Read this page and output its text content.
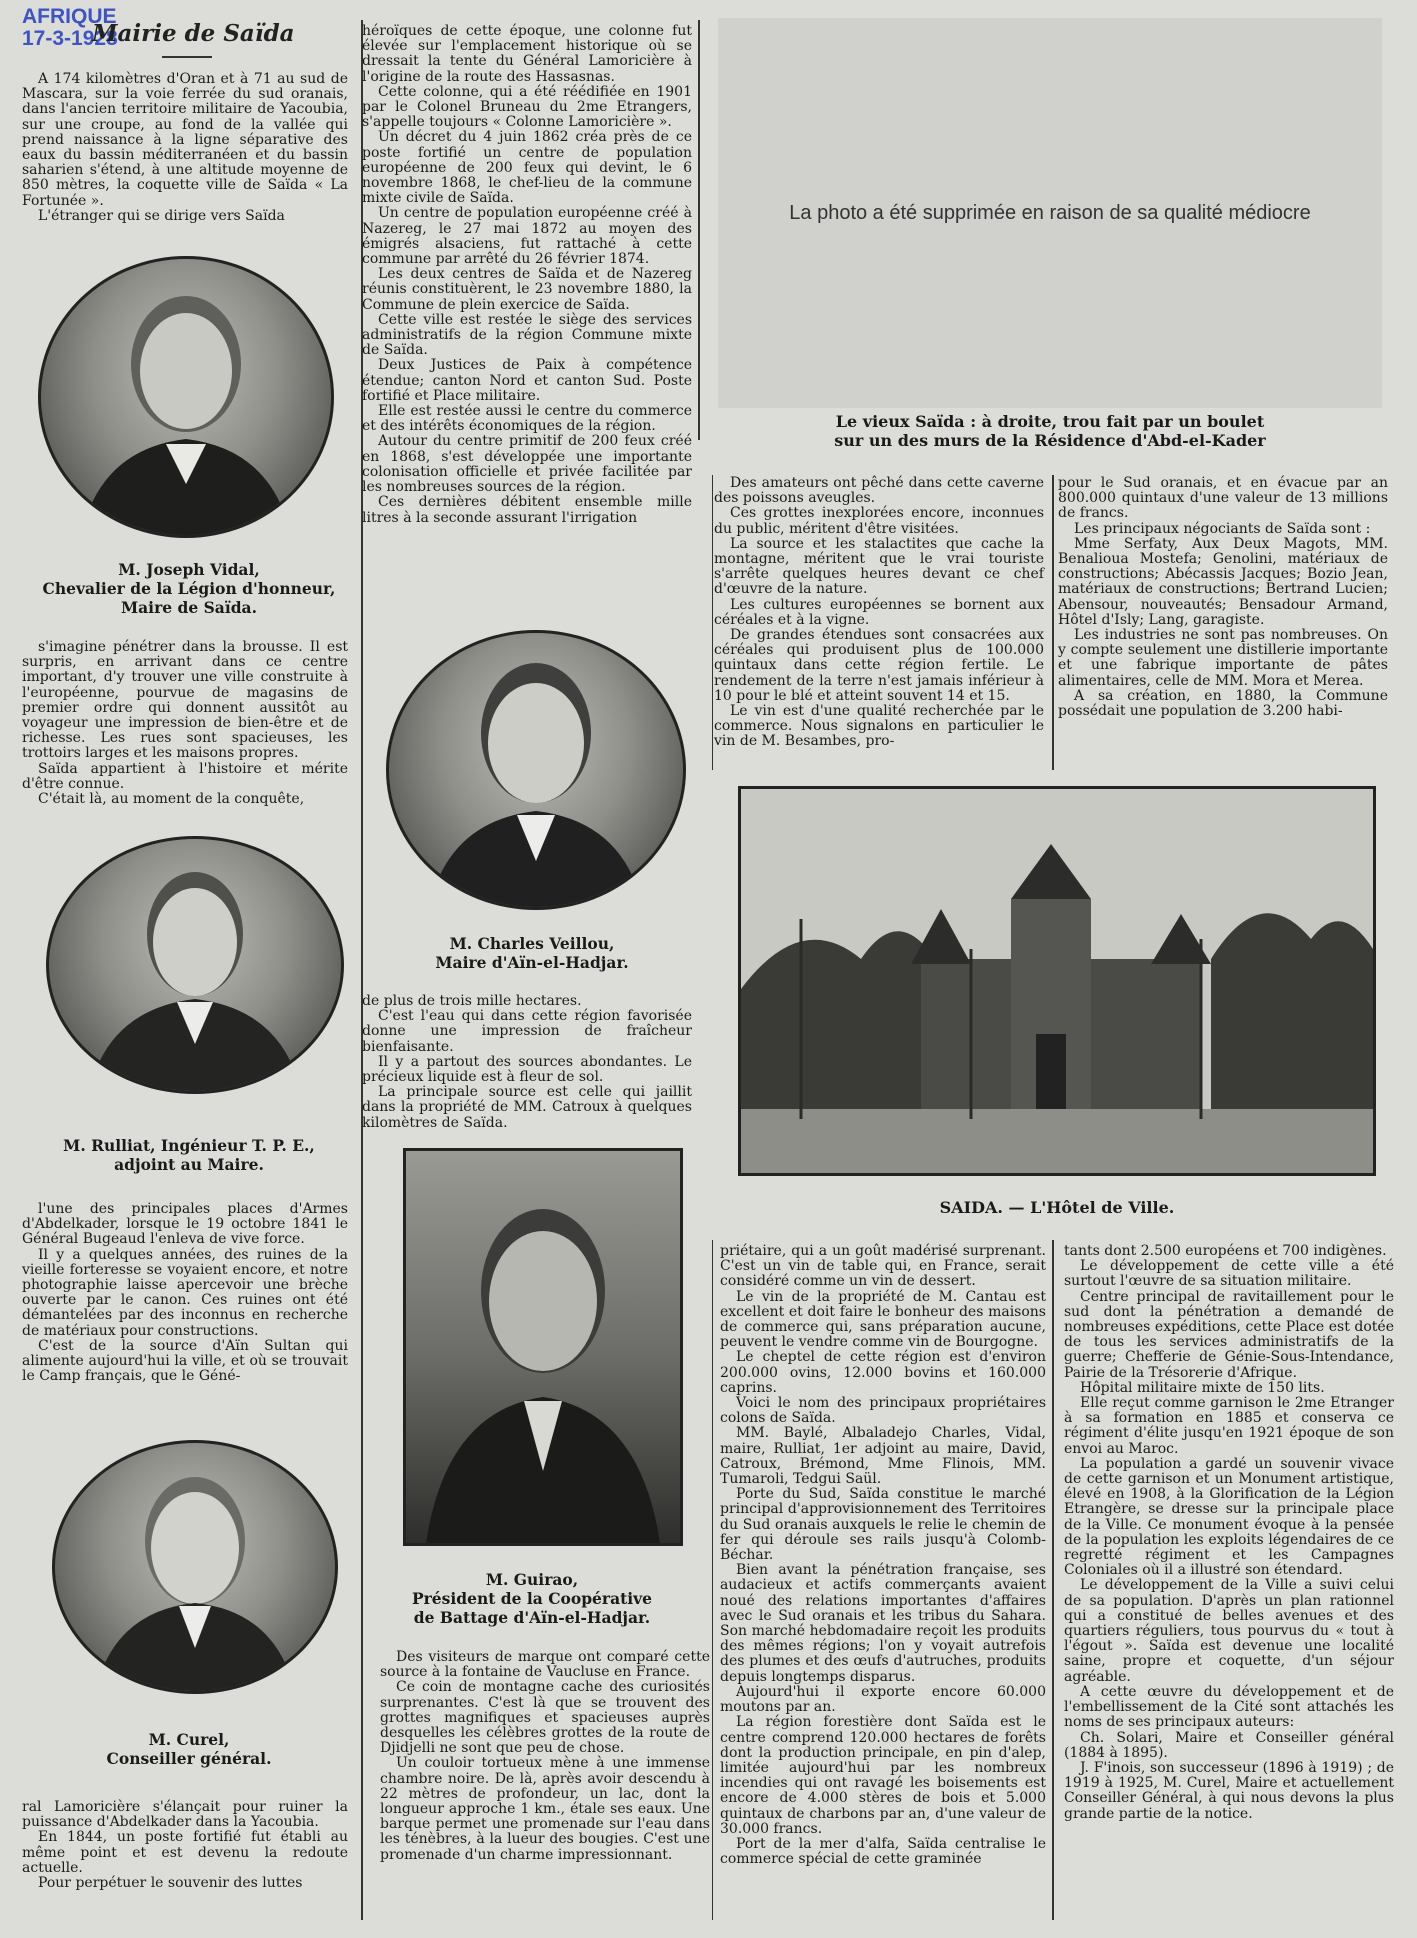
AFRIQUE
17-3-1928
Mairie de Saïda

A 174 kilomètres d'Oran et à 71 au sud de Mascara, sur la voie ferrée du sud oranais, dans l'ancien territoire militaire de Yacoubia, sur une croupe, au fond de la vallée qui prend naissance à la ligne séparative des eaux du bassin méditerranéen et du bassin saharien s'étend, à une altitude moyenne de 850 mètres, la coquette ville de Saïda « La Fortunée ».

L'étranger qui se dirige vers Saïda

M. Joseph Vidal,
Chevalier de la Légion d'honneur,
Maire de Saïda.

s'imagine pénétrer dans la brousse. Il est surpris, en arrivant dans ce centre important, d'y trouver une ville construite à l'européenne, pourvue de magasins de premier ordre qui donnent aussitôt au voyageur une impression de bien-être et de richesse. Les rues sont spacieuses, les trottoirs larges et les maisons propres.

Saïda appartient à l'histoire et mérite d'être connue.

C'était là, au moment de la conquête,

M. Rulliat, Ingénieur T. P. E.,
adjoint au Maire.

l'une des principales places d'Armes d'Abdelkader, lorsque le 19 octobre 1841 le Général Bugeaud l'enleva de vive force.

Il y a quelques années, des ruines de la vieille forteresse se voyaient encore, et notre photographie laisse apercevoir une brèche ouverte par le canon. Ces ruines ont été démantelées par des inconnus en recherche de matériaux pour constructions.

C'est de la source d'Aïn Sultan qui alimente aujourd'hui la ville, et où se trouvait le Camp français, que le Géné-

M. Curel,
Conseiller général.

ral Lamoricière s'élançait pour ruiner la puissance d'Abdelkader dans la Yacoubia.

En 1844, un poste fortifié fut établi au même point et est devenu la redoute actuelle.

Pour perpétuer le souvenir des luttes

héroïques de cette époque, une colonne fut élevée sur l'emplacement historique où se dressait la tente du Général Lamoricière à l'origine de la route des Hassasnas.

Cette colonne, qui a été réédifiée en 1901 par le Colonel Bruneau du 2me Etrangers, s'appelle toujours « Colonne Lamoricière ».

Un décret du 4 juin 1862 créa près de ce poste fortifié un centre de population européenne de 200 feux qui devint, le 6 novembre 1868, le chef-lieu de la commune mixte civile de Saïda.

Un centre de population européenne créé à Nazereg, le 27 mai 1872 au moyen des émigrés alsaciens, fut rattaché à cette commune par arrêté du 26 février 1874.

Les deux centres de Saïda et de Nazereg réunis constituèrent, le 23 novembre 1880, la Commune de plein exercice de Saïda.

Cette ville est restée le siège des services administratifs de la région Commune mixte de Saïda.

Deux Justices de Paix à compétence étendue; canton Nord et canton Sud. Poste fortifié et Place militaire.

Elle est restée aussi le centre du commerce et des intérêts économiques de la région.

Autour du centre primitif de 200 feux créé en 1868, s'est développée une importante colonisation officielle et privée facilitée par les nombreuses sources de la région.

Ces dernières débitent ensemble mille litres à la seconde assurant l'irrigation

M. Charles Veillou,
Maire d'Aïn-el-Hadjar.

de plus de trois mille hectares.

C'est l'eau qui dans cette région favorisée donne une impression de fraîcheur bienfaisante.

Il y a partout des sources abondantes. Le précieux liquide est à fleur de sol.

La principale source est celle qui jaillit dans la propriété de MM. Catroux à quelques kilomètres de Saïda.

M. Guirao,
Président de la Coopérative
de Battage d'Aïn-el-Hadjar.

Des visiteurs de marque ont comparé cette source à la fontaine de Vaucluse en France.

Ce coin de montagne cache des curiosités surprenantes. C'est là que se trouvent des grottes magnifiques et spacieuses auprès desquelles les célèbres grottes de la route de Djidjelli ne sont que peu de chose.

Un couloir tortueux mène à une immense chambre noire. De là, après avoir descendu à 22 mètres de profondeur, un lac, dont la longueur approche 1 km., étale ses eaux. Une barque permet une promenade sur l'eau dans les ténèbres, à la lueur des bougies. C'est une promenade d'un charme impressionnant.

La photo a été supprimée en raison de sa qualité médiocre
Le vieux Saïda : à droite, trou fait par un boulet
sur un des murs de la Résidence d'Abd-el-Kader

Des amateurs ont pêché dans cette caverne des poissons aveugles.

Ces grottes inexplorées encore, inconnues du public, méritent d'être visitées.

La source et les stalactites que cache la montagne, méritent que le vrai touriste s'arrête quelques heures devant ce chef d'œuvre de la nature.

Les cultures européennes se bornent aux céréales et à la vigne.

De grandes étendues sont consacrées aux céréales qui produisent plus de 100.000 quintaux dans cette région fertile. Le rendement de la terre n'est jamais inférieur à 10 pour le blé et atteint souvent 14 et 15.

Le vin est d'une qualité recherchée par le commerce. Nous signalons en particulier le vin de M. Besambes, pro-

pour le Sud oranais, et en évacue par an 800.000 quintaux d'une valeur de 13 millions de francs.

Les principaux négociants de Saïda sont :

Mme Serfaty, Aux Deux Magots, MM. Benalioua Mostefa; Genolini, matériaux de constructions; Abécassis Jacques; Bozio Jean, matériaux de constructions; Bertrand Lucien; Abensour, nouveautés; Bensadour Armand, Hôtel d'Isly; Lang, garagiste.

Les industries ne sont pas nombreuses. On y compte seulement une distillerie importante et une fabrique importante de pâtes alimentaires, celle de MM. Mora et Merea.

A sa création, en 1880, la Commune possédait une population de 3.200 habi-

SAIDA. — L'Hôtel de Ville.

priétaire, qui a un goût madérisé surprenant. C'est un vin de table qui, en France, serait considéré comme un vin de dessert.

Le vin de la propriété de M. Cantau est excellent et doit faire le bonheur des maisons de commerce qui, sans préparation aucune, peuvent le vendre comme vin de Bourgogne.

Le cheptel de cette région est d'environ 200.000 ovins, 12.000 bovins et 160.000 caprins.

Voici le nom des principaux propriétaires colons de Saïda.

MM. Baylé, Albaladejo Charles, Vidal, maire, Rulliat, 1er adjoint au maire, David, Catroux, Brémond, Mme Flinois, MM. Tumaroli, Tedgui Saül.

Porte du Sud, Saïda constitue le marché principal d'approvisionnement des Territoires du Sud oranais auxquels le relie le chemin de fer qui déroule ses rails jusqu'à Colomb-Béchar.

Bien avant la pénétration française, ses audacieux et actifs commerçants avaient noué des relations importantes d'affaires avec le Sud oranais et les tribus du Sahara. Son marché hebdomadaire reçoit les produits des mêmes régions; l'on y voyait autrefois des plumes et des œufs d'autruches, produits depuis longtemps disparus.

Aujourd'hui il exporte encore 60.000 moutons par an.

La région forestière dont Saïda est le centre comprend 120.000 hectares de forêts dont la production principale, en pin d'alep, limitée aujourd'hui par les nombreux incendies qui ont ravagé les boisements est encore de 4.000 stères de bois et 5.000 quintaux de charbons par an, d'une valeur de 30.000 francs.

Port de la mer d'alfa, Saïda centralise le commerce spécial de cette graminée

tants dont 2.500 européens et 700 indigènes.

Le développement de cette ville a été surtout l'œuvre de sa situation militaire.

Centre principal de ravitaillement pour le sud dont la pénétration a demandé de nombreuses expéditions, cette Place est dotée de tous les services administratifs de la guerre; Chefferie de Génie-Sous-Intendance, Pairie de la Trésorerie d'Afrique.

Hôpital militaire mixte de 150 lits.

Elle reçut comme garnison le 2me Etranger à sa formation en 1885 et conserva ce régiment d'élite jusqu'en 1921 époque de son envoi au Maroc.

La population a gardé un souvenir vivace de cette garnison et un Monument artistique, élevé en 1908, à la Glorification de la Légion Etrangère, se dresse sur la principale place de la Ville. Ce monument évoque à la pensée de la population les exploits légendaires de ce regretté régiment et les Campagnes Coloniales où il a illustré son étendard.

Le développement de la Ville a suivi celui de sa population. D'après un plan rationnel qui a constitué de belles avenues et des quartiers réguliers, tous pourvus du « tout à l'égout ». Saïda est devenue une localité saine, propre et coquette, d'un séjour agréable.

A cette œuvre du développement et de l'embellissement de la Cité sont attachés les noms de ses principaux auteurs:

Ch. Solari, Maire et Conseiller général (1884 à 1895).

J. F'inois, son successeur (1896 à 1919) ; de 1919 à 1925, M. Curel, Maire et actuellement Conseiller Général, à qui nous devons la plus grande partie de la notice.
